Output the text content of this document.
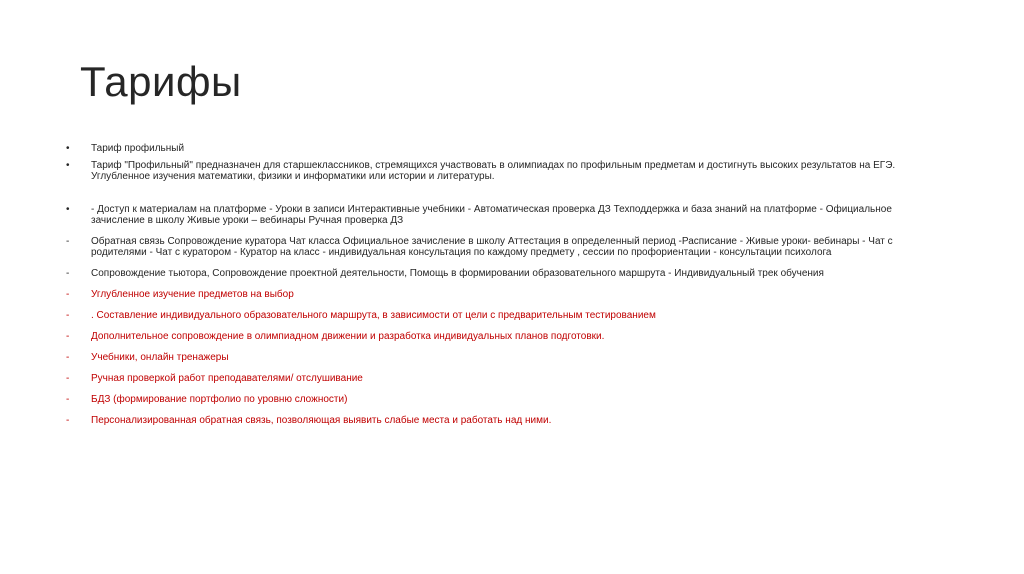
Тарифы
•	Тариф профильный
•	Тариф "Профильный" предназначен для старшеклассников, стремящихся участвовать в олимпиадах по профильным предметам и достигнуть высоких результатов на ЕГЭ. Углубленное изучения математики, физики и информатики или истории и литературы.
•	- Доступ к материалам на платформе - Уроки в записи Интерактивные учебники - Автоматическая проверка ДЗ Техподдержка и база знаний на платформе - Официальное зачисление в школу Живые уроки – вебинары Ручная проверка ДЗ
-	Обратная связь Сопровождение куратора Чат класса Официальное зачисление в школу Аттестация в определенный период -Расписание - Живые уроки- вебинары - Чат с родителями - Чат с куратором - Куратор на класс - индивидуальная консультация по каждому предмету , сессии по профориентации - консультации психолога
-	Сопровождение тьютора, Сопровождение проектной деятельности, Помощь в формировании образовательного маршрута - Индивидуальный трек обучения
-	Углубленное изучение предметов на выбор
-	. Составление индивидуального образовательного маршрута, в зависимости от цели с предварительным тестированием
-	Дополнительное сопровождение в олимпиадном движении и разработка индивидуальных планов подготовки.
-	Учебники, онлайн тренажеры
-	Ручная проверкой работ преподавателями/ отслушивание
-	БДЗ (формирование портфолио по уровню сложности)
-	Персонализированная обратная связь, позволяющая выявить слабые места и работать над ними.
